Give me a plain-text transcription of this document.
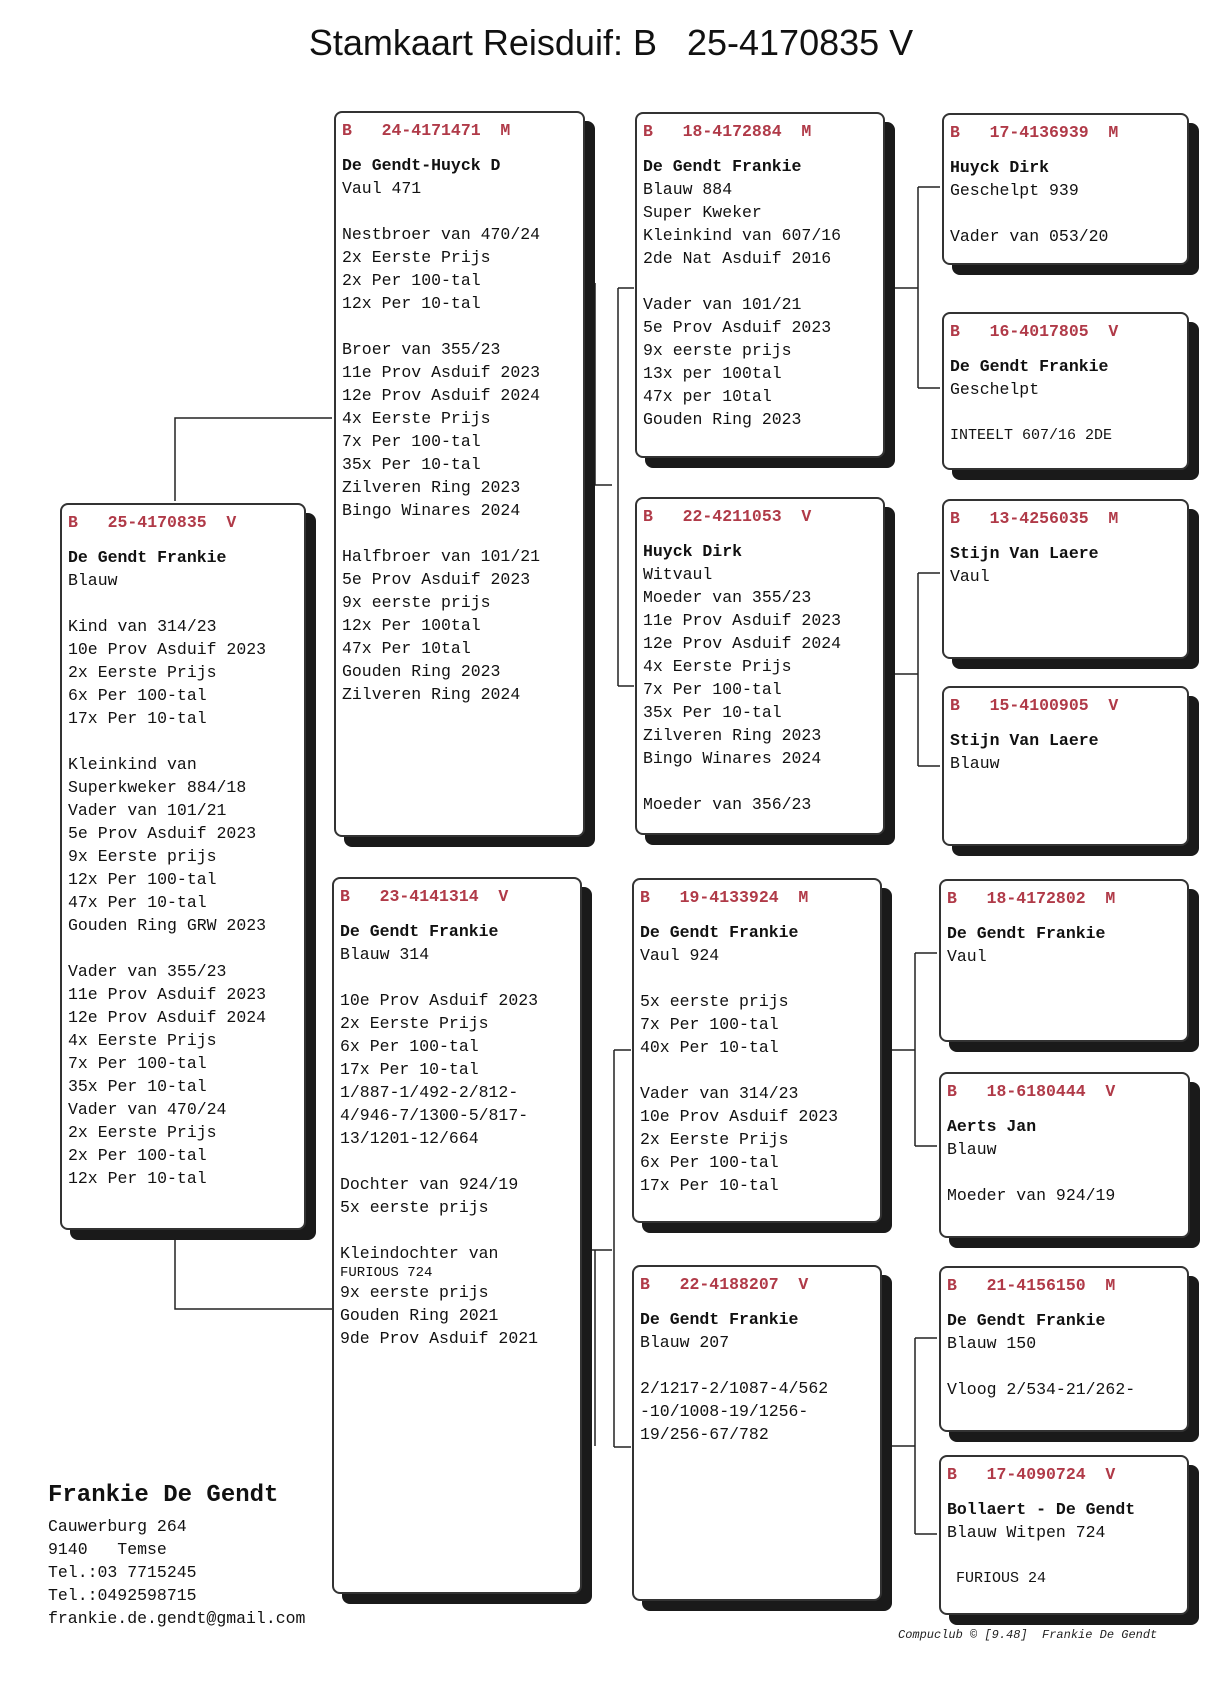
Stamkaart Reisduif: B 25-4170835 V
B   25-4170835  V
De Gendt Frankie
Blauw
Kind van 314/23
10e Prov Asduif 2023
2x Eerste Prijs
6x Per 100-tal
17x Per 10-tal
Kleinkind van
Superkweker 884/18
Vader van 101/21
5e Prov Asduif 2023
9x Eerste prijs
12x Per 100-tal
47x Per 10-tal
Gouden Ring GRW 2023
Vader van 355/23
11e Prov Asduif 2023
12e Prov Asduif 2024
4x Eerste Prijs
7x Per 100-tal
35x Per 10-tal
Vader van 470/24
2x Eerste Prijs
2x Per 100-tal
12x Per 10-tal
B   24-4171471  M
De Gendt-Huyck D
Vaul 471
Nestbroer van 470/24
2x Eerste Prijs
2x Per 100-tal
12x Per 10-tal
Broer van 355/23
11e Prov Asduif 2023
12e Prov Asduif 2024
4x Eerste Prijs
7x Per 100-tal
35x Per 10-tal
Zilveren Ring 2023
Bingo Winares 2024
Halfbroer van 101/21
5e Prov Asduif 2023
9x eerste prijs
12x Per 100tal
47x Per 10tal
Gouden Ring 2023
Zilveren Ring 2024
B   23-4141314  V
De Gendt Frankie
Blauw 314
10e Prov Asduif 2023
2x Eerste Prijs
6x Per 100-tal
17x Per 10-tal
1/887-1/492-2/812-
4/946-7/1300-5/817-
13/1201-12/664
Dochter van 924/19
5x eerste prijs
Kleindochter van
FURIOUS 724
9x eerste prijs
Gouden Ring 2021
9de Prov Asduif 2021
B   18-4172884  M
De Gendt Frankie
Blauw 884
Super Kweker
Kleinkind van 607/16
2de Nat Asduif 2016
Vader van 101/21
5e Prov Asduif 2023
9x eerste prijs
13x per 100tal
47x per 10tal
Gouden Ring 2023
B   22-4211053  V
Huyck Dirk
Witvaul
Moeder van 355/23
11e Prov Asduif 2023
12e Prov Asduif 2024
4x Eerste Prijs
7x Per 100-tal
35x Per 10-tal
Zilveren Ring 2023
Bingo Winares 2024
Moeder van 356/23
B   19-4133924  M
De Gendt Frankie
Vaul 924
5x eerste prijs
7x Per 100-tal
40x Per 10-tal
Vader van 314/23
10e Prov Asduif 2023
2x Eerste Prijs
6x Per 100-tal
17x Per 10-tal
B   22-4188207  V
De Gendt Frankie
Blauw 207
2/1217-2/1087-4/562
-10/1008-19/1256-
19/256-67/782
B   17-4136939  M
Huyck Dirk
Geschelpt 939
Vader van 053/20
B   16-4017805  V
De Gendt Frankie
Geschelpt
INTEELT 607/16 2DE
B   13-4256035  M
Stijn Van Laere
Vaul
B   15-4100905  V
Stijn Van Laere
Blauw
B   18-4172802  M
De Gendt Frankie
Vaul
B   18-6180444  V
Aerts Jan
Blauw
Moeder van 924/19
B   21-4156150  M
De Gendt Frankie
Blauw 150
Vloog 2/534-21/262-
B   17-4090724  V
Bollaert - De Gendt
Blauw Witpen 724
FURIOUS 24
Frankie De Gendt
Cauwerburg 264
9140   Temse
Tel.:03 7715245
Tel.:0492598715
frankie.de.gendt@gmail.com
Compuclub © [9.48]  Frankie De Gendt
